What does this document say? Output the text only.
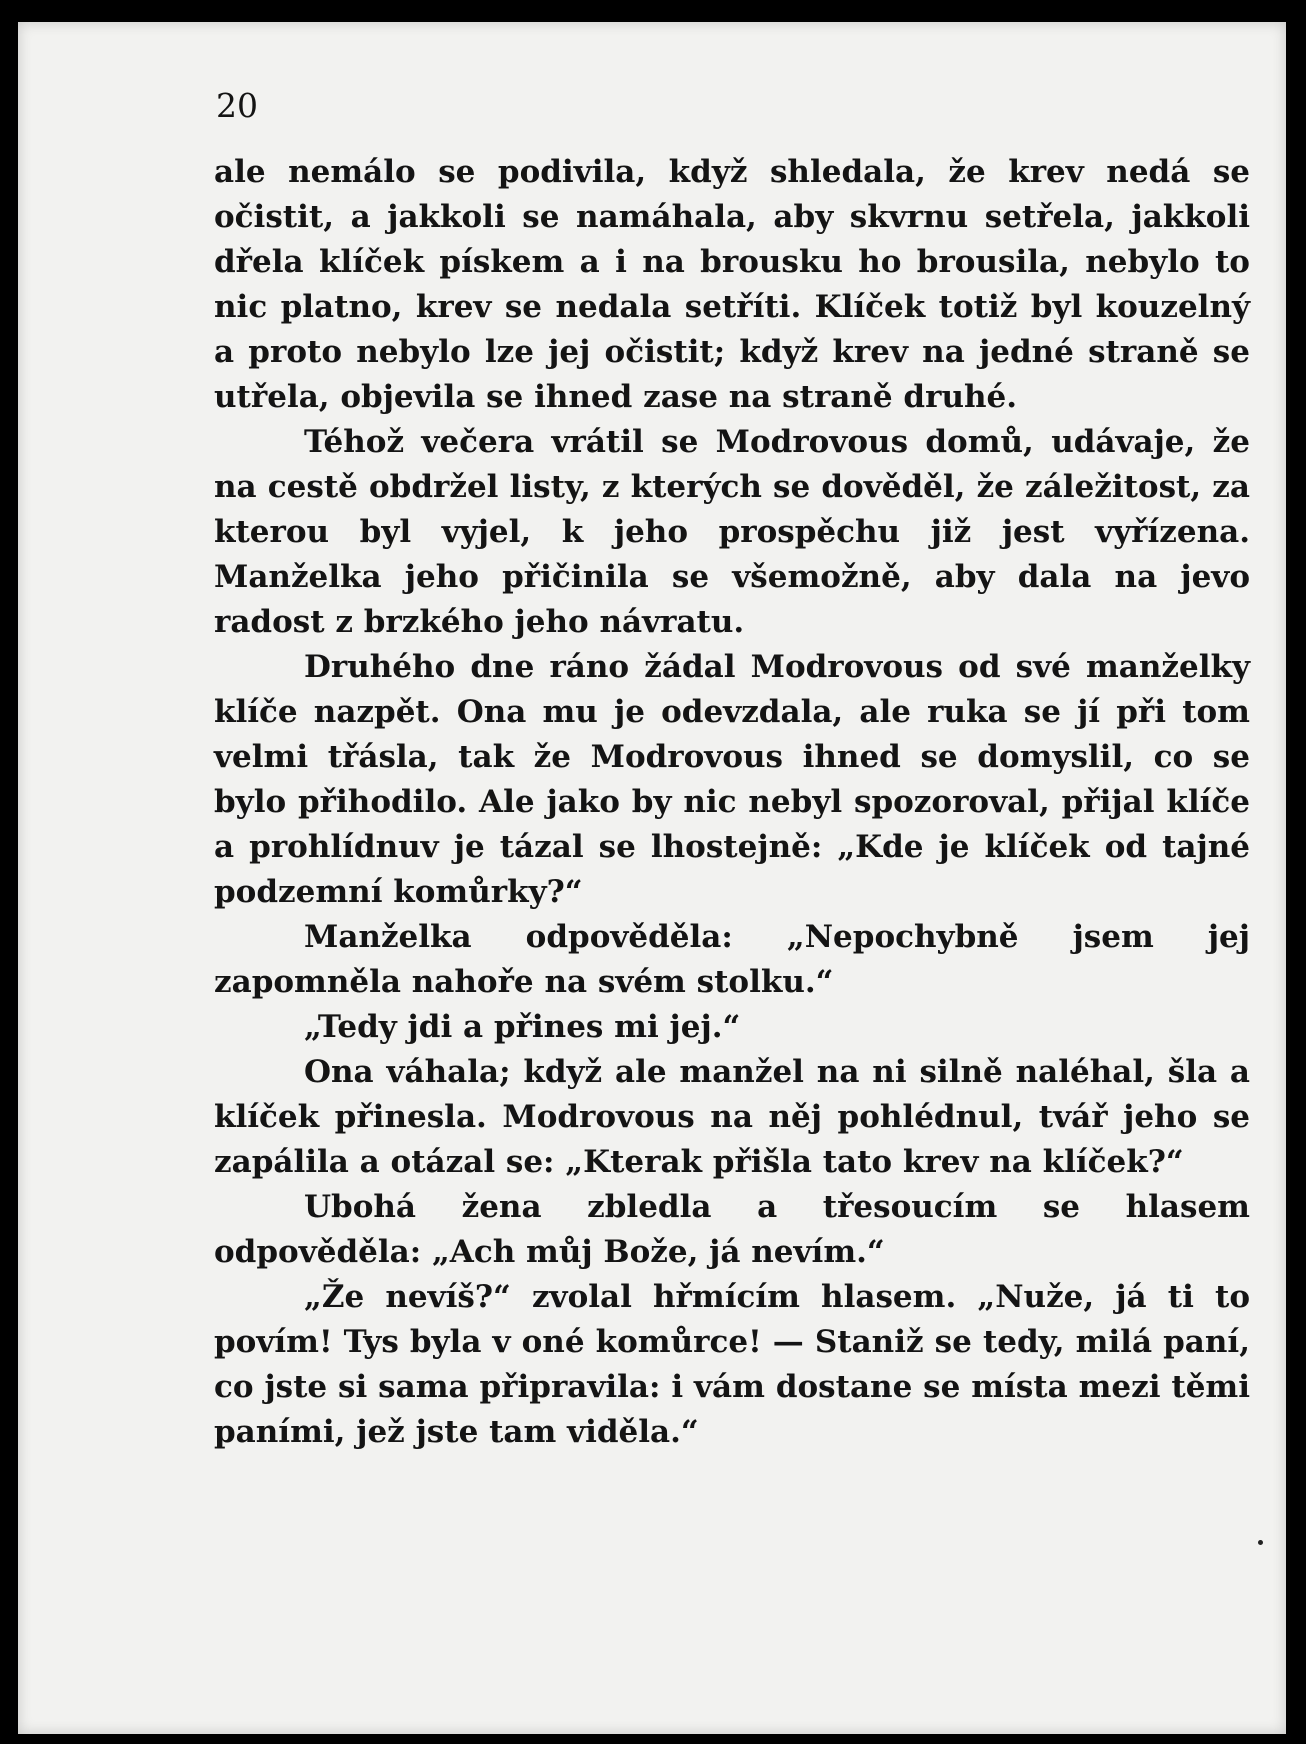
20

ale nemálo se podivila, když shledala, že krev nedá se očistit, a jakkoli se namáhala, aby skvrnu setřela, jakkoli dřela klíček pískem a i na brousku ho brousila, nebylo to nic platno, krev se nedala setříti. Klíček totiž byl kouzelný a proto nebylo lze jej očistit; když krev na jedné straně se utřela, objevila se ihned zase na straně druhé.

Téhož večera vrátil se Modrovous domů, udávaje, že na cestě obdržel listy, z kterých se dověděl, že záležitost, za kterou byl vyjel, k jeho prospěchu již jest vyřízena. Manželka jeho přičinila se všemožně, aby dala na jevo radost z brzkého jeho návratu.

Druhého dne ráno žádal Modrovous od své manželky klíče nazpět. Ona mu je odevzdala, ale ruka se jí při tom velmi třásla, tak že Modrovous ihned se domyslil, co se bylo přihodilo. Ale jako by nic nebyl spozoroval, přijal klíče a prohlídnuv je tázal se lhostejně: „Kde je klíček od tajné podzemní komůrky?“

Manželka odpověděla: „Nepochybně jsem jej zapomněla nahoře na svém stolku.“

„Tedy jdi a přines mi jej.“

Ona váhala; když ale manžel na ni silně naléhal, šla a klíček přinesla. Modrovous na něj pohlédnul, tvář jeho se zapálila a otázal se: „Kterak přišla tato krev na klíček?“

Ubohá žena zbledla a třesoucím se hlasem odpověděla: „Ach můj Bože, já nevím.“

„Že nevíš?“ zvolal hřmícím hlasem. „Nuže, já ti to povím! Tys byla v oné komůrce! — Staniž se tedy, milá paní, co jste si sama připravila: i vám dostane se místa mezi těmi paními, jež jste tam viděla.“
